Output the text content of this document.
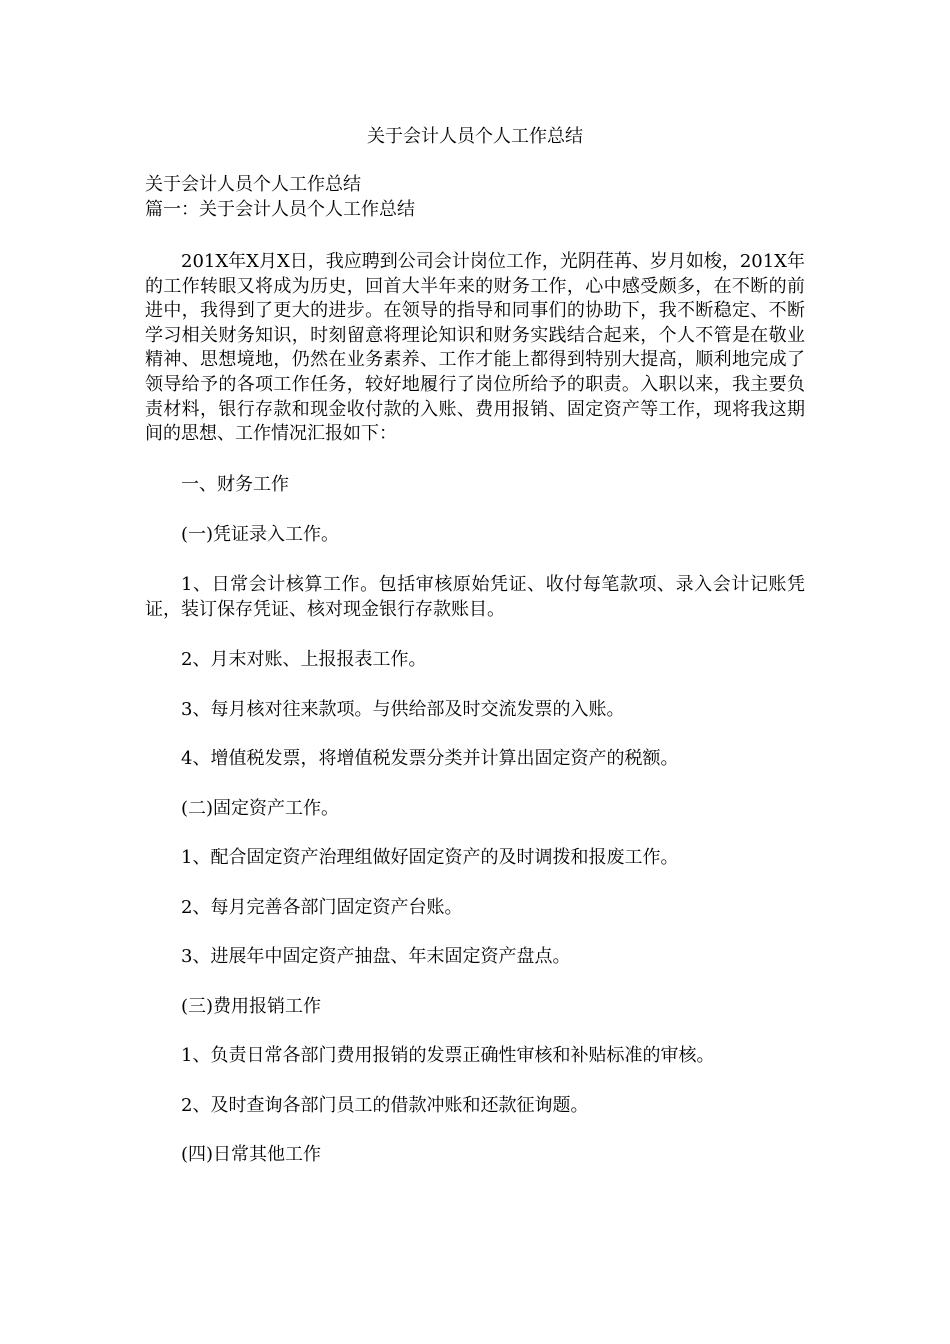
关于会计人员个人工作总结
关于会计人员个人工作总结
篇一：关于会计人员个人工作总结
201X年X月X日，我应聘到公司会计岗位工作，光阴荏苒、岁月如梭，201X年的工作转眼又将成为历史，回首大半年来的财务工作，心中感受颇多，在不断的前进中，我得到了更大的进步。在领导的指导和同事们的协助下，我不断稳定、不断学习相关财务知识，时刻留意将理论知识和财务实践结合起来，个人不管是在敬业精神、思想境地，仍然在业务素养、工作才能上都得到特别大提高，顺利地完成了领导给予的各项工作任务，较好地履行了岗位所给予的职责。入职以来，我主要负责材料，银行存款和现金收付款的入账、费用报销、固定资产等工作，现将我这期间的思想、工作情况汇报如下：
一、财务工作
(一)凭证录入工作。
1、日常会计核算工作。包括审核原始凭证、收付每笔款项、录入会计记账凭证，装订保存凭证、核对现金银行存款账目。
2、月末对账、上报报表工作。
3、每月核对往来款项。与供给部及时交流发票的入账。
4、增值税发票，将增值税发票分类并计算出固定资产的税额。
(二)固定资产工作。
1、配合固定资产治理组做好固定资产的及时调拨和报废工作。
2、每月完善各部门固定资产台账。
3、进展年中固定资产抽盘、年末固定资产盘点。
(三)费用报销工作
1、负责日常各部门费用报销的发票正确性审核和补贴标准的审核。
2、及时查询各部门员工的借款冲账和还款征询题。
(四)日常其他工作
